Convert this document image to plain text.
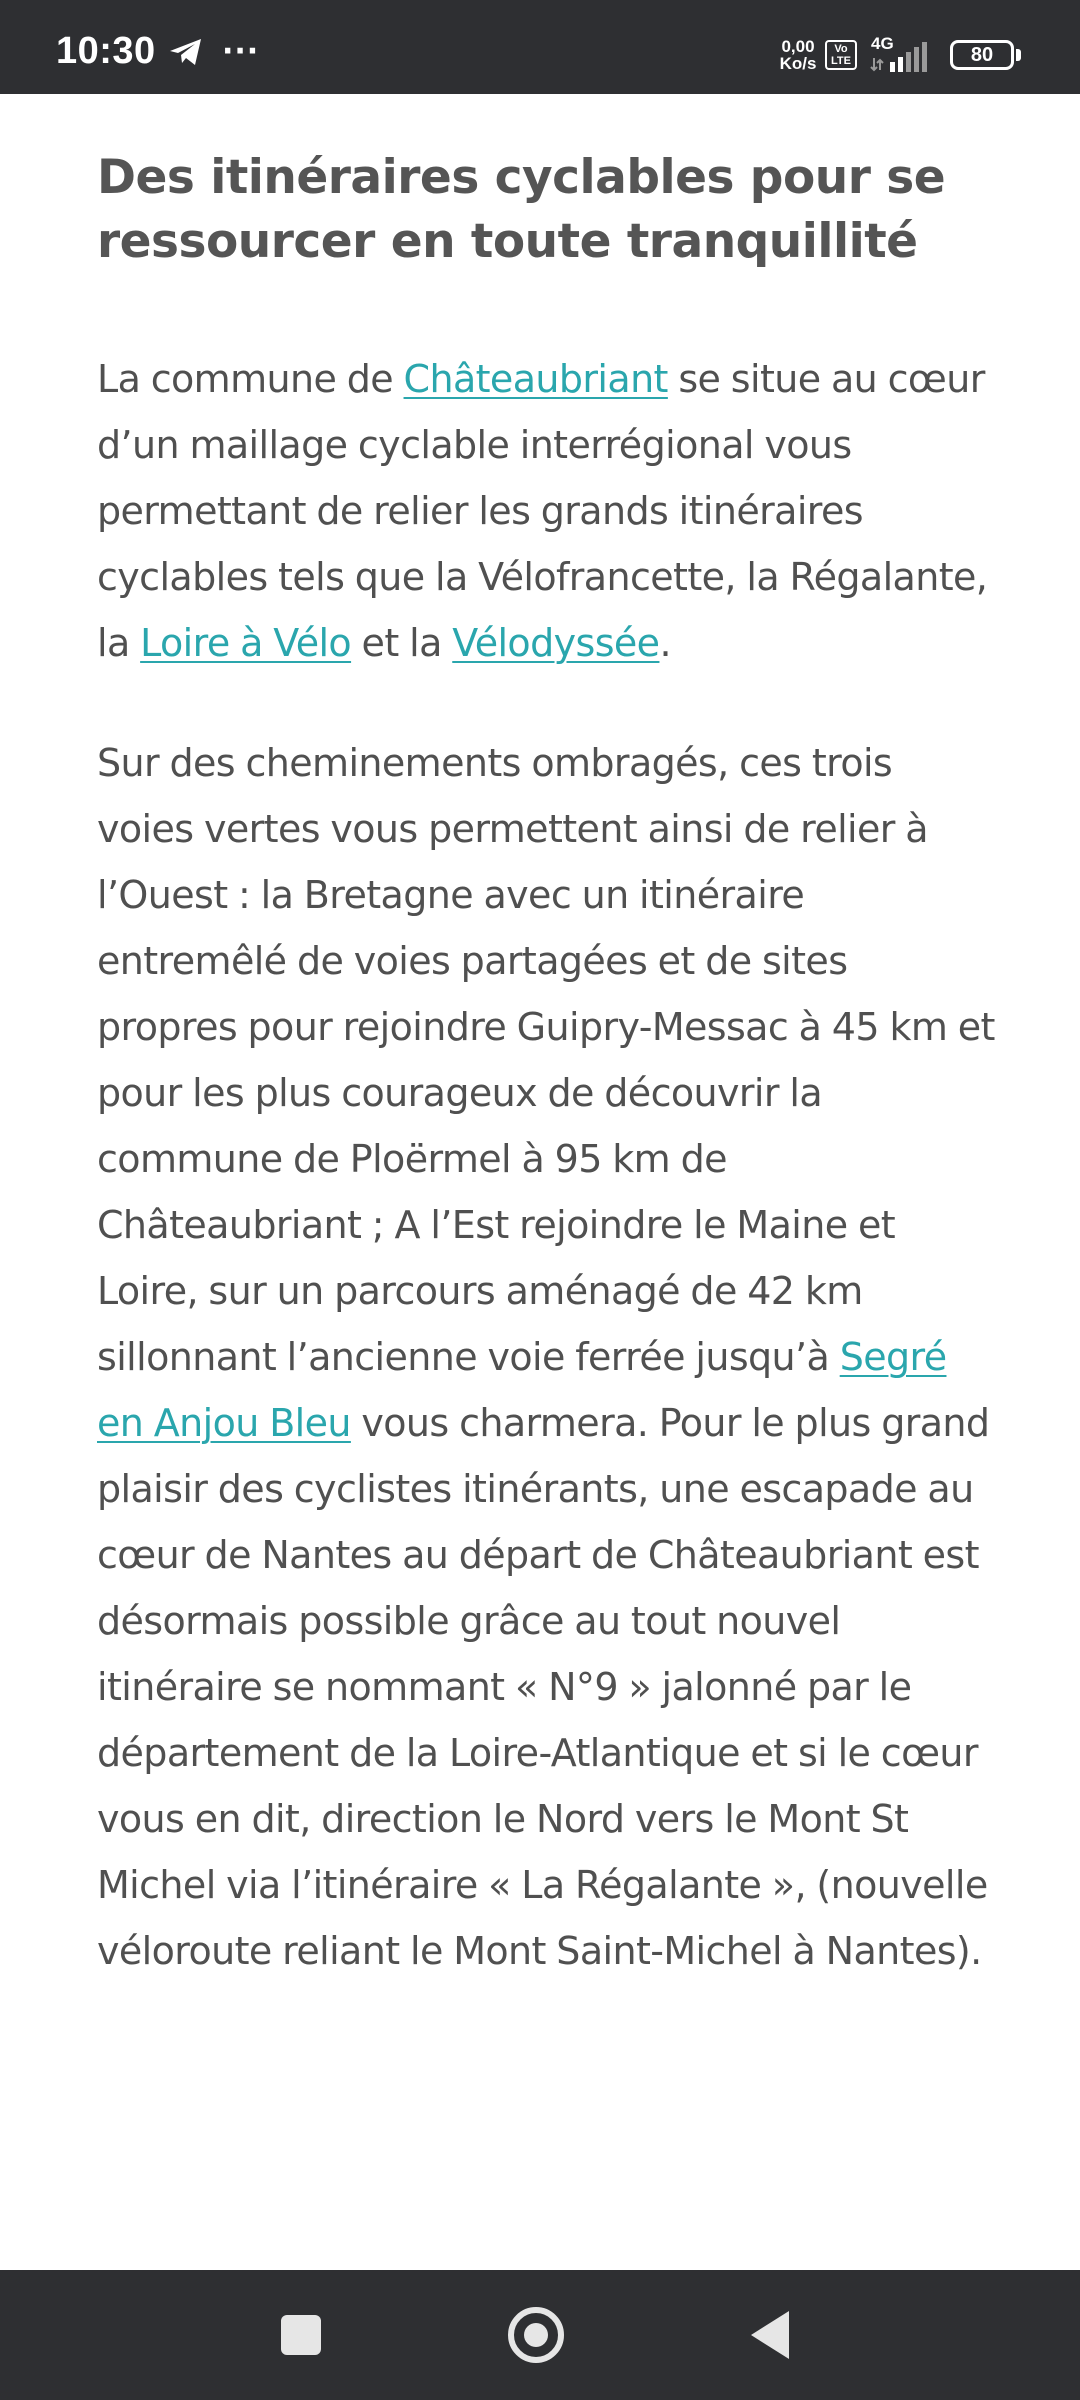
10:30 ···	0,00
Ko/s
Vo
LTE
4G
80
Des itinéraires cyclables pour se
ressourcer en toute tranquillité

La commune de Châteaubriant se situe au cœur d’un maillage cyclable interrégional vous permettant de relier les grands itinéraires cyclables tels que la Vélofrancette, la Régalante, la Loire à Vélo et la Vélodyssée.

Sur des cheminements ombragés, ces trois voies vertes vous permettent ainsi de relier à l’Ouest : la Bretagne avec un itinéraire entremêlé de voies partagées et de sites propres pour rejoindre Guipry-Messac à 45 km et pour les plus courageux de découvrir la commune de Ploërmel à 95 km de Châteaubriant ; A l’Est rejoindre le Maine et Loire, sur un parcours aménagé de 42 km sillonnant l’ancienne voie ferrée jusqu’à Segré en Anjou Bleu vous charmera. Pour le plus grand plaisir des cyclistes itinérants, une escapade au cœur de Nantes au départ de Châteaubriant est désormais possible grâce au tout nouvel itinéraire se nommant « N°9 » jalonné par le département de la Loire-Atlantique et si le cœur vous en dit, direction le Nord vers le Mont St Michel via l’itinéraire « La Régalante », (nouvelle véloroute reliant le Mont Saint-Michel à Nantes).
